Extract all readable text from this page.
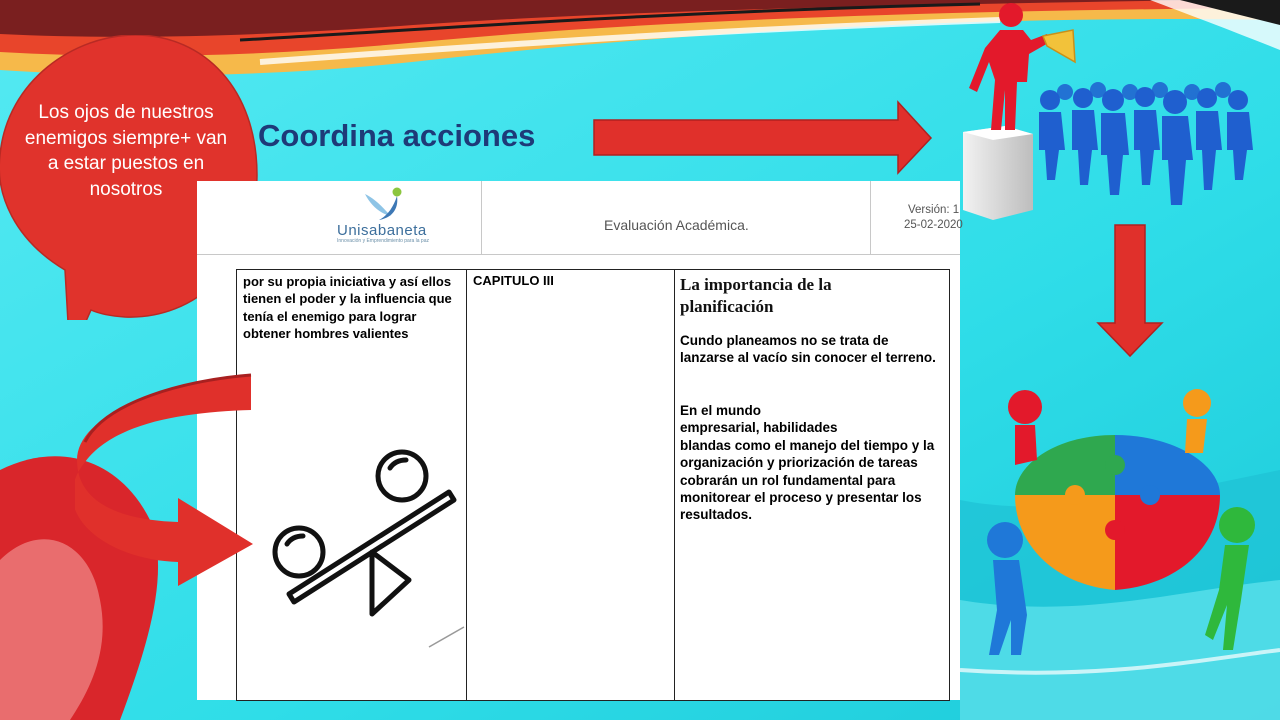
Los ojos de nuestros enemigos siempre+ van a estar puestos en nosotros
Coordina acciones
Unisabaneta
Innovación y Emprendimiento para la paz
Evaluación Académica.
Versión: 1
25-02-2020
por su propia iniciativa y así ellos tienen el poder y la influencia que tenía el enemigo para lograr obtener hombres valientes
CAPITULO III	La importancia de la planificación
Cundo planeamos no se trata de lanzarse al vacío sin conocer el terreno.
En el mundo
empresarial, habilidades
blandas como el manejo del tiempo y la organización y priorización de tareas cobrarán un rol fundamental para monitorear el proceso y presentar los resultados.
